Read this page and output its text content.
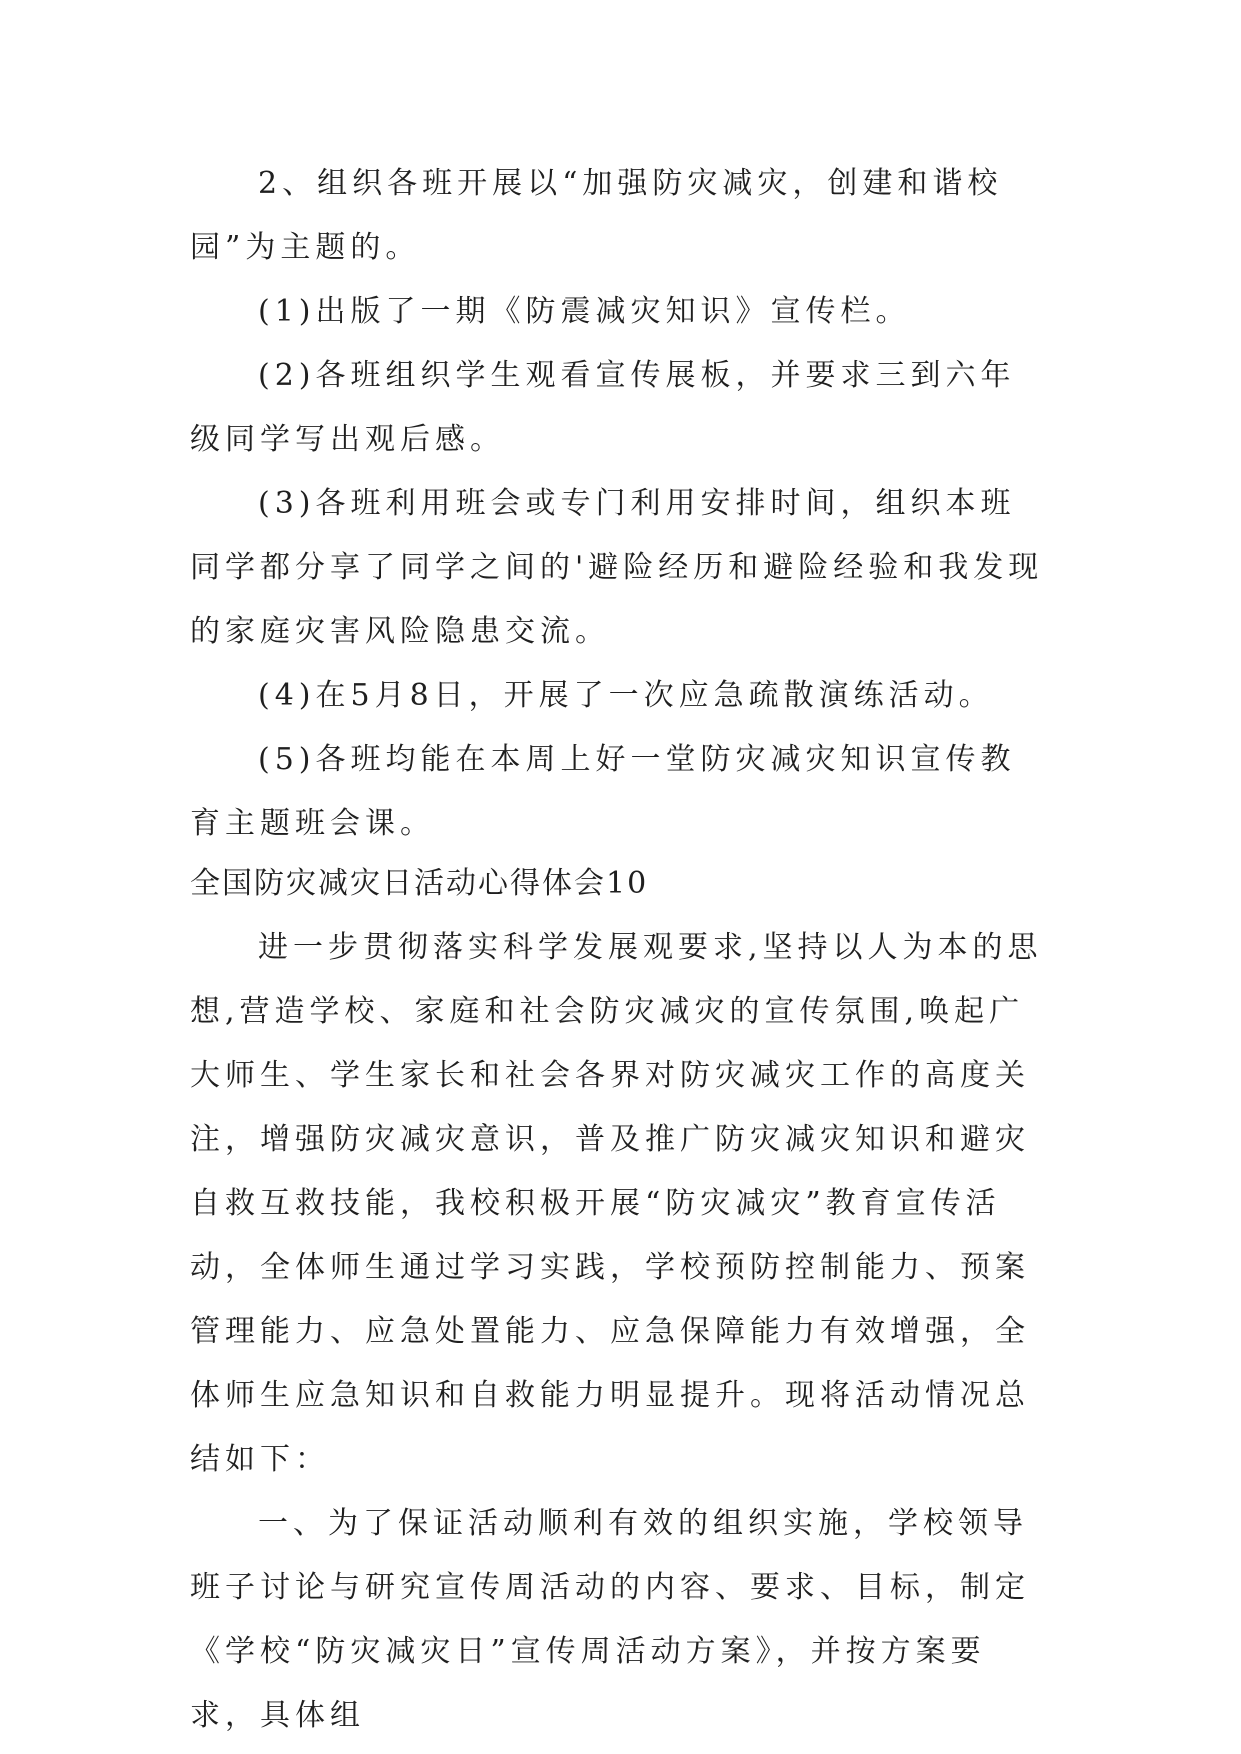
2、组织各班开展以“加强防灾减灾，创建和谐校园”为主题的。

(1)出版了一期《防震减灾知识》宣传栏。

(2)各班组织学生观看宣传展板，并要求三到六年级同学写出观后感。

(3)各班利用班会或专门利用安排时间，组织本班同学都分享了同学之间的'避险经历和避险经验和我发现的家庭灾害风险隐患交流。

(4)在5月8日，开展了一次应急疏散演练活动。

(5)各班均能在本周上好一堂防灾减灾知识宣传教育主题班会课。

全国防灾减灾日活动心得体会10

进一步贯彻落实科学发展观要求,坚持以人为本的思想,营造学校、家庭和社会防灾减灾的宣传氛围,唤起广大师生、学生家长和社会各界对防灾减灾工作的高度关注，增强防灾减灾意识，普及推广防灾减灾知识和避灾自救互救技能，我校积极开展“防灾减灾”教育宣传活动，全体师生通过学习实践，学校预防控制能力、预案管理能力、应急处置能力、应急保障能力有效增强，全体师生应急知识和自救能力明显提升。现将活动情况总结如下：

一、为了保证活动顺利有效的组织实施，学校领导班子讨论与研究宣传周活动的内容、要求、目标，制定《学校“防灾减灾日”宣传周活动方案》，并按方案要求，具体组
